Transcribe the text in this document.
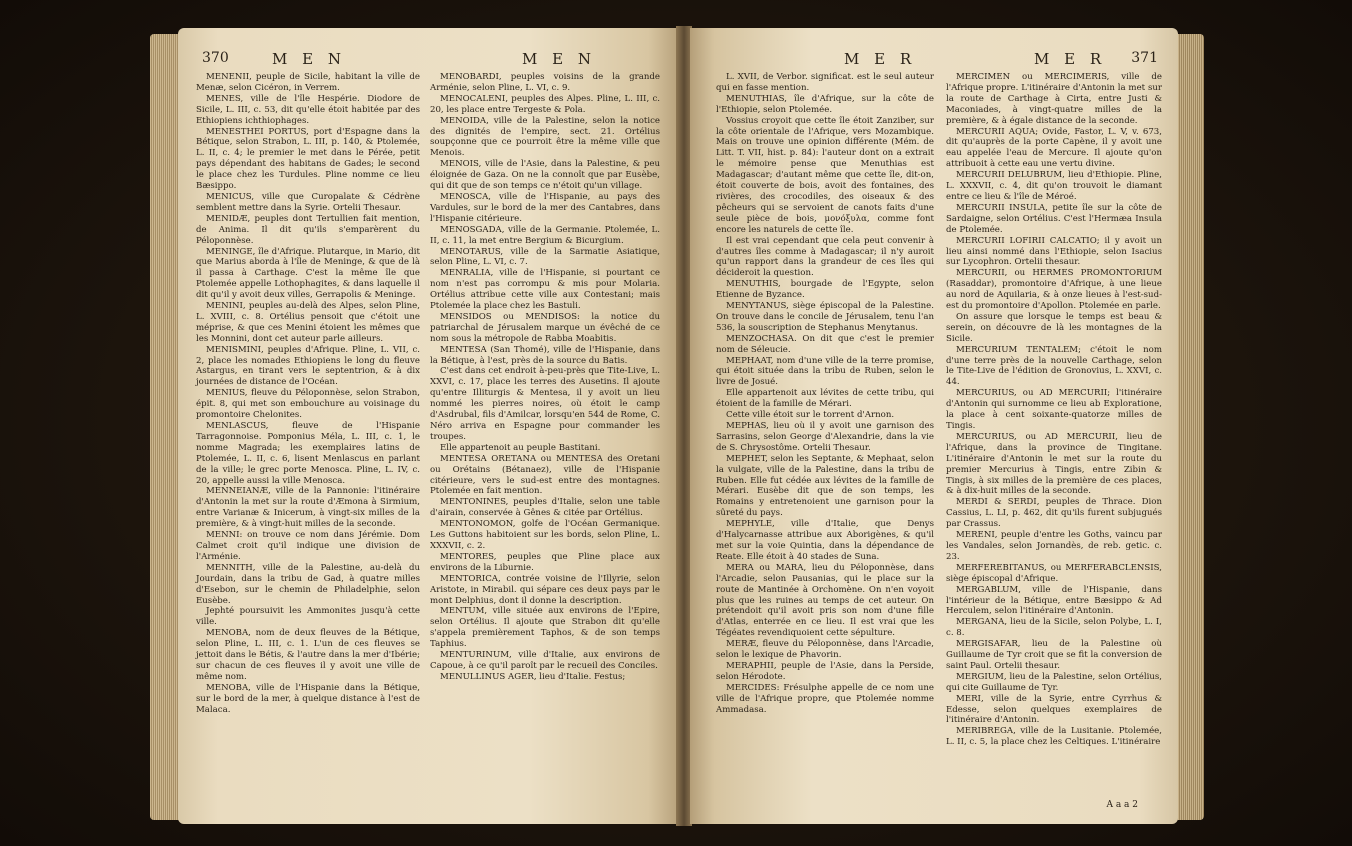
370	M E N	M E N

MENENII, peuple de Sicile, habitant la ville de Menæ, selon Cicéron, in Verrem.

MENES, ville de l'île Hespérie. Diodore de Sicile, L. III, c. 53, dit qu'elle étoit habitée par des Ethiopiens ichthiophages.

MENESTHEI PORTUS, port d'Espagne dans la Bétique, selon Strabon, L. III, p. 140, & Ptolemée, L. II, c. 4; le premier le met dans le Pérée, petit pays dépendant des habitans de Gades; le second le place chez les Turdules. Pline nomme ce lieu Bæsippo.

MENICUS, ville que Curopalate & Cédrène semblent mettre dans la Syrie. Ortelii Thesaur.

MENIDÆ, peuples dont Tertullien fait mention, de Anima. Il dit qu'ils s'emparèrent du Péloponnèse.

MENINGE, île d'Afrique. Plutarque, in Mario, dit que Marius aborda à l'île de Meninge, & que de là il passa à Carthage. C'est la même île que Ptolemée appelle Lothophagites, & dans laquelle il dit qu'il y avoit deux villes, Gerrapolis & Meninge.

MENINI, peuples au-delà des Alpes, selon Pline, L. XVIII, c. 8. Ortélius pensoit que c'étoit une méprise, & que ces Menini étoient les mêmes que les Monnini, dont cet auteur parle ailleurs.

MENISMINI, peuples d'Afrique. Pline, L. VII, c. 2, place les nomades Ethiopiens le long du fleuve Astargus, en tirant vers le septentrion, & à dix journées de distance de l'Océan.

MENIUS, fleuve du Péloponnèse, selon Strabon, épit. 8, qui met son embouchure au voisinage du promontoire Chelonites.

MENLASCUS, fleuve de l'Hispanie Tarragonnoise. Pomponius Méla, L. III, c. 1, le nomme Magrada; les exemplaires latins de Ptolemée, L. II, c. 6, lisent Menlascus en parlant de la ville; le grec porte Menosca. Pline, L. IV, c. 20, appelle aussi la ville Menosca.

MENNEIANÆ, ville de la Pannonie: l'itinéraire d'Antonin la met sur la route d'Æmona à Sirmium, entre Varianæ & Inicerum, à vingt-six milles de la première, & à vingt-huit milles de la seconde.

MENNI: on trouve ce nom dans Jérémie. Dom Calmet croit qu'il indique une division de l'Arménie.

MENNITH, ville de la Palestine, au-delà du Jourdain, dans la tribu de Gad, à quatre milles d'Esebon, sur le chemin de Philadelphie, selon Eusèbe.

Jephté poursuivit les Ammonites jusqu'à cette ville.

MENOBA, nom de deux fleuves de la Bétique, selon Pline, L. III, c. 1. L'un de ces fleuves se jettoit dans le Bétis, & l'autre dans la mer d'Ibérie; sur chacun de ces fleuves il y avoit une ville de même nom.

MENOBA, ville de l'Hispanie dans la Bétique, sur le bord de la mer, à quelque distance à l'est de Malaca.

MENOBARDI, peuples voisins de la grande Arménie, selon Pline, L. VI, c. 9.

MENOCALENI, peuples des Alpes. Pline, L. III, c. 20, les place entre Tergeste & Pola.

MENOIDA, ville de la Palestine, selon la notice des dignités de l'empire, sect. 21. Ortélius soupçonne que ce pourroit être la même ville que Menois.

MENOIS, ville de l'Asie, dans la Palestine, & peu éloignée de Gaza. On ne la connoît que par Eusèbe, qui dit que de son temps ce n'étoit qu'un village.

MENOSCA, ville de l'Hispanie, au pays des Vardules, sur le bord de la mer des Cantabres, dans l'Hispanie citérieure.

MENOSGADA, ville de la Germanie. Ptolemée, L. II, c. 11, la met entre Bergium & Bicurgium.

MENOTARUS, ville de la Sarmatie Asiatique, selon Pline, L. VI, c. 7.

MENRALIA, ville de l'Hispanie, si pourtant ce nom n'est pas corrompu & mis pour Molaria. Ortélius attribue cette ville aux Contestani; mais Ptolemée la place chez les Bastuli.

MENSIDOS ou MENDISOS: la notice du patriarchal de Jérusalem marque un évêché de ce nom sous la métropole de Rabba Moabitis.

MENTESA (San Thomé), ville de l'Hispanie, dans la Bétique, à l'est, près de la source du Batis.

C'est dans cet endroit à-peu-près que Tite-Live, L. XXVI, c. 17, place les terres des Ausetins. Il ajoute qu'entre Illiturgis & Mentesa, il y avoit un lieu nommé les pierres noires, où étoit le camp d'Asdrubal, fils d'Amilcar, lorsqu'en 544 de Rome, C. Néro arriva en Espagne pour commander les troupes.

Elle appartenoit au peuple Bastitani.

MENTESA ORETANA ou MENTESA des Oretani ou Orétains (Bétanaez), ville de l'Hispanie citérieure, vers le sud-est entre des montagnes. Ptolemée en fait mention.

MENTONINES, peuples d'Italie, selon une table d'airain, conservée à Gênes & citée par Ortélius.

MENTONOMON, golfe de l'Océan Germanique. Les Guttons habitoient sur les bords, selon Pline, L. XXXVII, c. 2.

MENTORES, peuples que Pline place aux environs de la Liburnie.

MENTORICA, contrée voisine de l'Illyrie, selon Aristote, in Mirabil. qui sépare ces deux pays par le mont Delphius, dont il donne la description.

MENTUM, ville située aux environs de l'Epire, selon Ortélius. Il ajoute que Strabon dit qu'elle s'appela premièrement Taphos, & de son temps Taphius.

MENTURINUM, ville d'Italie, aux environs de Capoue, à ce qu'il paroît par le recueil des Conciles.

MENULLINUS AGER, lieu d'Italie. Festus;

M E R	M E R 371

L. XVII, de Verbor. significat. est le seul auteur qui en fasse mention.

MENUTHIAS, île d'Afrique, sur la côte de l'Ethiopie, selon Ptolemée.

Vossius croyoit que cette île étoit Zanziber, sur la côte orientale de l'Afrique, vers Mozambique. Mais on trouve une opinion différente (Mém. de Litt. T. VII, hist. p. 84): l'auteur dont on a extrait le mémoire pense que Menuthias est Madagascar; d'autant même que cette île, dit-on, étoit couverte de bois, avoit des fontaines, des rivières, des crocodiles, des oiseaux & des pêcheurs qui se servoient de canots faits d'une seule pièce de bois, μονόξυλα, comme font encore les naturels de cette île.

Il est vrai cependant que cela peut convenir à d'autres îles comme à Madagascar; il n'y auroit qu'un rapport dans la grandeur de ces îles qui décideroit la question.

MENUTHIS, bourgade de l'Egypte, selon Etienne de Byzance.

MENYTANUS, siège épiscopal de la Palestine. On trouve dans le concile de Jérusalem, tenu l'an 536, la souscription de Stephanus Menytanus.

MENZOCHASA. On dit que c'est le premier nom de Séleucie.

MEPHAAT, nom d'une ville de la terre promise, qui étoit située dans la tribu de Ruben, selon le livre de Josué.

Elle appartenoit aux lévites de cette tribu, qui étoient de la famille de Mérari.

Cette ville étoit sur le torrent d'Arnon.

MEPHAS, lieu où il y avoit une garnison des Sarrasins, selon George d'Alexandrie, dans la vie de S. Chrysostôme. Ortelii Thesaur.

MEPHET, selon les Septante, & Mephaat, selon la vulgate, ville de la Palestine, dans la tribu de Ruben. Elle fut cédée aux lévites de la famille de Mérari. Eusèbe dit que de son temps, les Romains y entretenoient une garnison pour la sûreté du pays.

MEPHYLE, ville d'Italie, que Denys d'Halycarnasse attribue aux Aborigènes, & qu'il met sur la voie Quintia, dans la dépendance de Reate. Elle étoit à 40 stades de Suna.

MERA ou MARA, lieu du Péloponnèse, dans l'Arcadie, selon Pausanias, qui le place sur la route de Mantinée à Orchomène. On n'en voyoit plus que les ruines au temps de cet auteur. On prétendoit qu'il avoit pris son nom d'une fille d'Atlas, enterrée en ce lieu. Il est vrai que les Tégéates revendiquoient cette sépulture.

MERÆ, fleuve du Péloponnèse, dans l'Arcadie, selon le lexique de Phavorin.

MERAPHII, peuple de l'Asie, dans la Perside, selon Hérodote.

MERCIDES: Frésulphe appelle de ce nom une ville de l'Afrique propre, que Ptolemée nomme Ammadasa.

MERCIMEN ou MERCIMERIS, ville de l'Afrique propre. L'itinéraire d'Antonin la met sur la route de Carthage à Cirta, entre Justi & Maconiades, à vingt-quatre milles de la première, & à égale distance de la seconde.

MERCURII AQUA; Ovide, Fastor, L. V, v. 673, dit qu'auprès de la porte Capène, il y avoit une eau appelée l'eau de Mercure. Il ajoute qu'on attribuoit à cette eau une vertu divine.

MERCURII DELUBRUM, lieu d'Ethiopie. Pline, L. XXXVII, c. 4, dit qu'on trouvoit le diamant entre ce lieu & l'île de Méroé.

MERCURII INSULA, petite île sur la côte de Sardaigne, selon Ortélius. C'est l'Hermæa Insula de Ptolemée.

MERCURII LOFIRII CALCATIO; il y avoit un lieu ainsi nommé dans l'Ethiopie, selon Isacius sur Lycophron. Ortelii thesaur.

MERCURII, ou HERMES PROMONTORIUM (Rasaddar), promontoire d'Afrique, à une lieue au nord de Aquilaria, & à onze lieues à l'est-sud-est du promontoire d'Apollon. Ptolemée en parle.

On assure que lorsque le temps est beau & serein, on découvre de là les montagnes de la Sicile.

MERCURIUM TENTALEM; c'étoit le nom d'une terre près de la nouvelle Carthage, selon le Tite-Live de l'édition de Gronovius, L. XXVI, c. 44.

MERCURIUS, ou AD MERCURII; l'itinéraire d'Antonin qui surnomme ce lieu ab Exploratione, la place à cent soixante-quatorze milles de Tingis.

MERCURIUS, ou AD MERCURII, lieu de l'Afrique, dans la province de Tingitane. L'itinéraire d'Antonin le met sur la route du premier Mercurius à Tingis, entre Zibin & Tingis, à six milles de la première de ces places, & à dix-huit milles de la seconde.

MERDI & SERDI, peuples de Thrace. Dion Cassius, L. LI, p. 462, dit qu'ils furent subjugués par Crassus.

MERENI, peuple d'entre les Goths, vaincu par les Vandales, selon Jornandès, de reb. getic. c. 23.

MERFEREBITANUS, ou MERFERABCLENSIS, siège épiscopal d'Afrique.

MERGABLUM, ville de l'Hispanie, dans l'intérieur de la Bétique, entre Bæsippo & Ad Herculem, selon l'itinéraire d'Antonin.

MERGANA, lieu de la Sicile, selon Polybe, L. I, c. 8.

MERGISAFAR, lieu de la Palestine où Guillaume de Tyr croit que se fit la conversion de saint Paul. Ortelii thesaur.

MERGIUM, lieu de la Palestine, selon Ortélius, qui cite Guillaume de Tyr.

MERI, ville de la Syrie, entre Cyrrhus & Edesse, selon quelques exemplaires de l'itinéraire d'Antonin.

MERIBREGA, ville de la Lusitanie. Ptolemée, L. II, c. 5, la place chez les Celtiques. L'itinéraire

A a a 2
